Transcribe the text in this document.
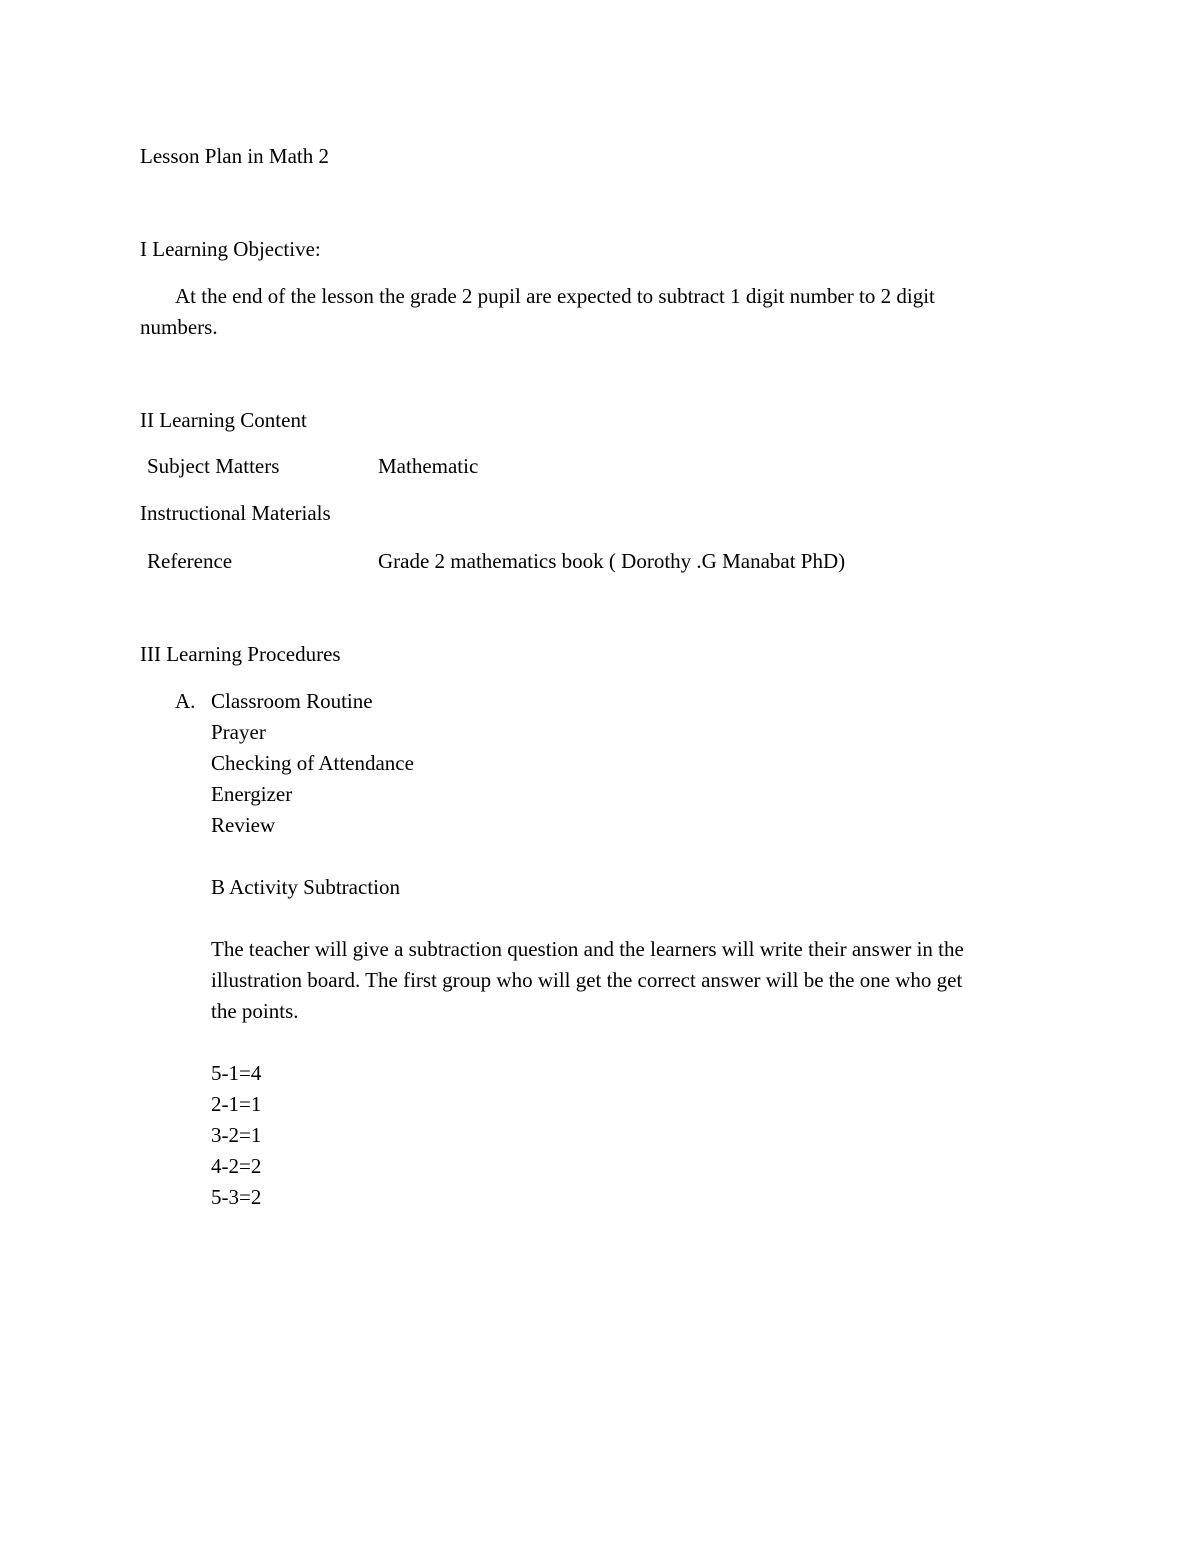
Lesson Plan in Math 2
I Learning Objective:
At the end of the lesson the grade 2 pupil are expected to subtract 1 digit number to 2 digit
numbers.
II Learning Content
Subject Matters	Mathematic
Instructional Materials
Reference	Grade 2 mathematics book ( Dorothy .G Manabat PhD)
III Learning Procedures
A. Classroom Routine
Prayer
Checking of Attendance
Energizer
Review
B Activity Subtraction
The teacher will give a subtraction question and the learners will write their answer in the
illustration board. The first group who will get the correct answer will be the one who get
the points.
5-1=4
2-1=1
3-2=1
4-2=2
5-3=2
